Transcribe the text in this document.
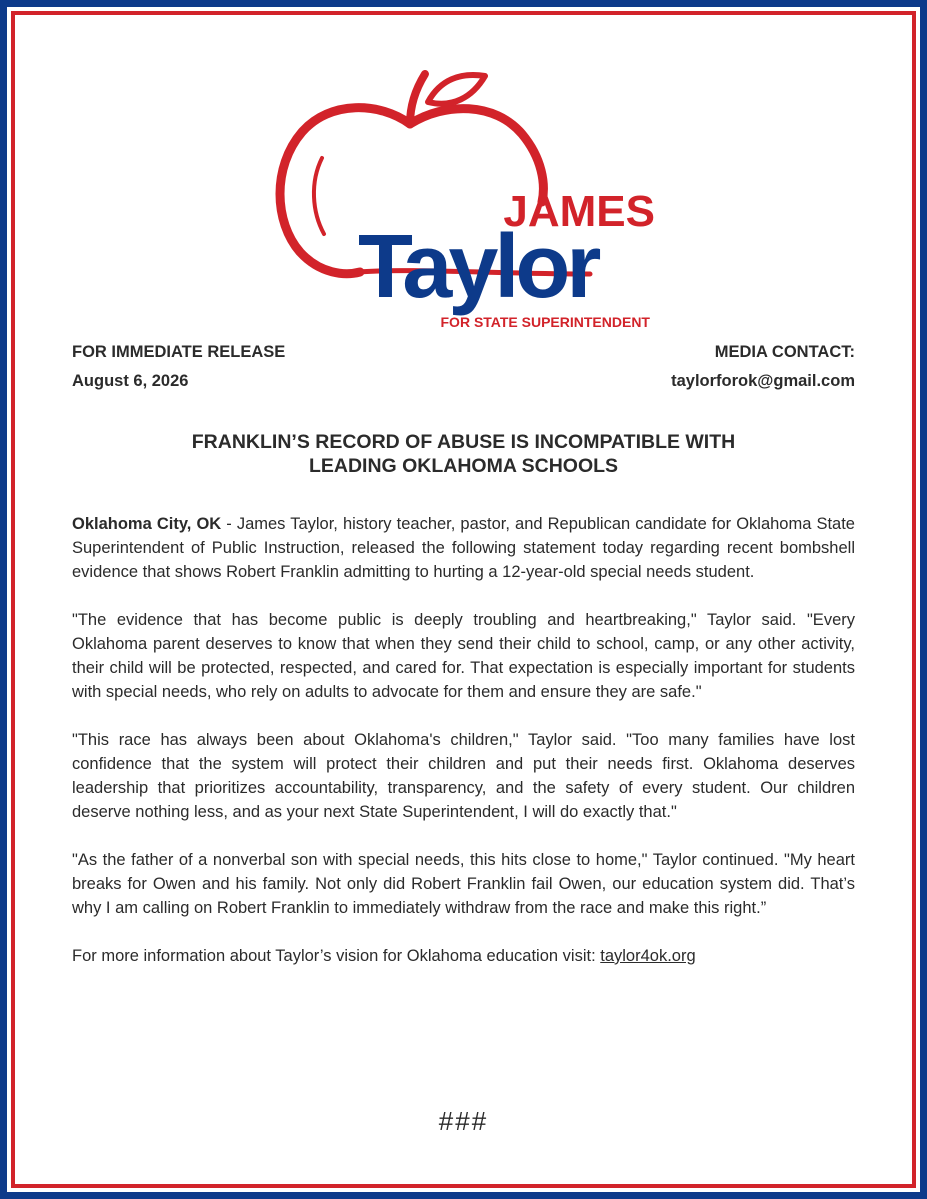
JAMES
Taylor
FOR STATE SUPERINTENDENT
FOR IMMEDIATE RELEASE
August 6, 2026
MEDIA CONTACT:
taylorforok@gmail.com
FRANKLIN’S RECORD OF ABUSE IS INCOMPATIBLE WITH
LEADING OKLAHOMA SCHOOLS

Oklahoma City, OK - James Taylor, history teacher, pastor, and Republican candidate for Oklahoma State Superintendent of Public Instruction, released the following statement today regarding recent bombshell evidence that shows Robert Franklin admitting to hurting a 12-year-old special needs student.

"The evidence that has become public is deeply troubling and heartbreaking," Taylor said. "Every Oklahoma parent deserves to know that when they send their child to school, camp, or any other activity, their child will be protected, respected, and cared for. That expectation is especially important for students with special needs, who rely on adults to advocate for them and ensure they are safe."

"This race has always been about Oklahoma's children," Taylor said. "Too many families have lost confidence that the system will protect their children and put their needs first. Oklahoma deserves leadership that prioritizes accountability, transparency, and the safety of every student. Our children deserve nothing less, and as your next State Superintendent, I will do exactly that."

"As the father of a nonverbal son with special needs, this hits close to home," Taylor continued. "My heart breaks for Owen and his family. Not only did Robert Franklin fail Owen, our education system did. That’s why I am calling on Robert Franklin to immediately withdraw from the race and make this right.”

For more information about Taylor’s vision for Oklahoma education visit: taylor4ok.org

###
